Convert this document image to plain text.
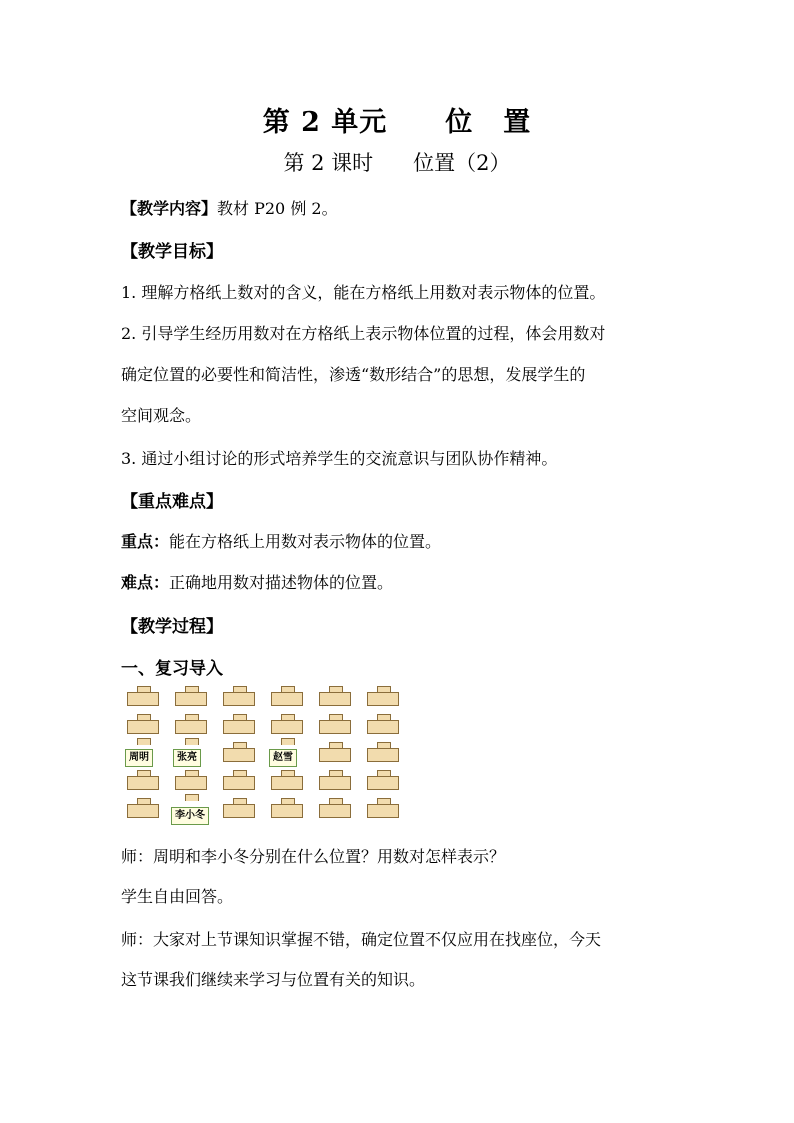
第 2 单元 位 置
第 2 课时 位置（2）
【教学内容】教材 P20 例 2。
【教学目标】
1. 理解方格纸上数对的含义，能在方格纸上用数对表示物体的位置。
2. 引导学生经历用数对在方格纸上表示物体位置的过程，体会用数对
确定位置的必要性和简洁性，渗透“数形结合”的思想，发展学生的
空间观念。
3. 通过小组讨论的形式培养学生的交流意识与团队协作精神。
【重点难点】
重点：能在方格纸上用数对表示物体的位置。
难点：正确地用数对描述物体的位置。
【教学过程】
一、复习导入
周明	张亮	赵雪
李小冬
师：周明和李小冬分别在什么位置？用数对怎样表示？
学生自由回答。
师：大家对上节课知识掌握不错，确定位置不仅应用在找座位，今天
这节课我们继续来学习与位置有关的知识。
